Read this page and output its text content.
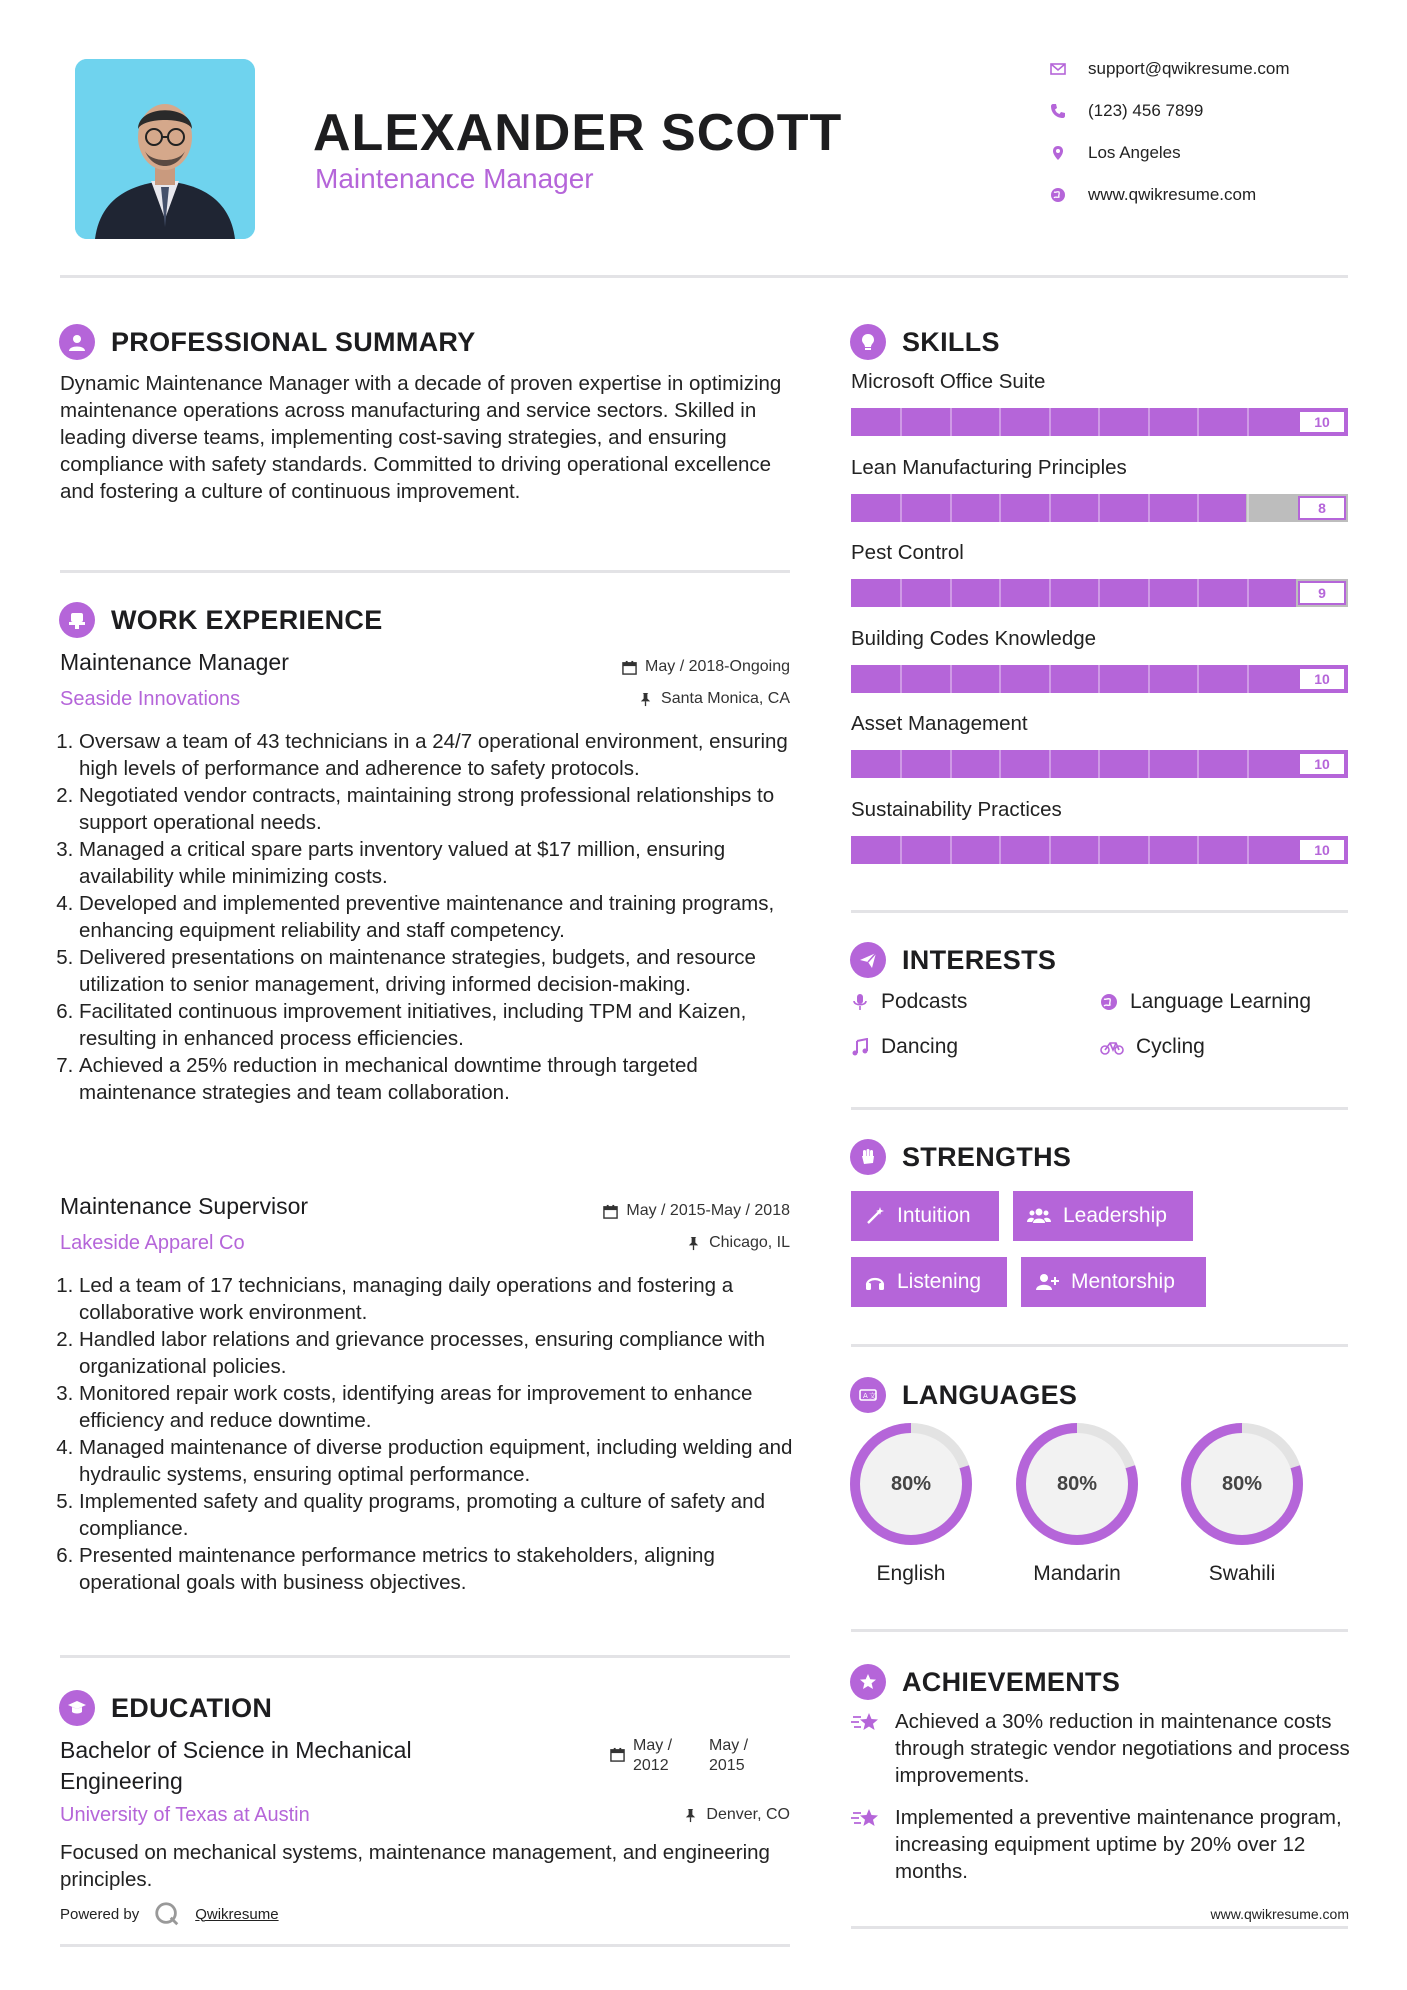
ALEXANDER SCOTT
Maintenance Manager
support@qwikresume.com
(123) 456 7899
Los Angeles
www.qwikresume.com
PROFESSIONAL SUMMARY
Dynamic Maintenance Manager with a decade of proven expertise in optimizing maintenance operations across manufacturing and service sectors. Skilled in leading diverse teams, implementing cost-saving strategies, and ensuring compliance with safety standards. Committed to driving operational excellence and fostering a culture of continuous improvement.
WORK EXPERIENCE
Maintenance Manager
Seaside Innovations
May / 2018-Ongoing
Santa Monica, CA
1. Oversaw a team of 43 technicians in a 24/7 operational environment, ensuring high levels of performance and adherence to safety protocols.
2. Negotiated vendor contracts, maintaining strong professional relationships to support operational needs.
3. Managed a critical spare parts inventory valued at $17 million, ensuring availability while minimizing costs.
4. Developed and implemented preventive maintenance and training programs, enhancing equipment reliability and staff competency.
5. Delivered presentations on maintenance strategies, budgets, and resource utilization to senior management, driving informed decision-making.
6. Facilitated continuous improvement initiatives, including TPM and Kaizen, resulting in enhanced process efficiencies.
7. Achieved a 25% reduction in mechanical downtime through targeted maintenance strategies and team collaboration.
Maintenance Supervisor
Lakeside Apparel Co
May / 2015-May / 2018
Chicago, IL
1. Led a team of 17 technicians, managing daily operations and fostering a collaborative work environment.
2. Handled labor relations and grievance processes, ensuring compliance with organizational policies.
3. Monitored repair work costs, identifying areas for improvement to enhance efficiency and reduce downtime.
4. Managed maintenance of diverse production equipment, including welding and hydraulic systems, ensuring optimal performance.
5. Implemented safety and quality programs, promoting a culture of safety and compliance.
6. Presented maintenance performance metrics to stakeholders, aligning operational goals with business objectives.
EDUCATION
Bachelor of Science in Mechanical Engineering
May / 2012
May / 2015
University of Texas at Austin	Denver, CO
Focused on mechanical systems, maintenance management, and engineering principles.
Powered by	Qwikresume
SKILLS
Microsoft Office Suite
10
Lean Manufacturing Principles
8
Pest Control
9
Building Codes Knowledge
10
Asset Management
10
Sustainability Practices
10
INTERESTS
Podcasts	Language Learning
Dancing	Cycling
STRENGTHS
Intuition	Leadership
Listening	Mentorship
A 文 LANGUAGES
80%
English
80%
Mandarin
80%
Swahili
ACHIEVEMENTS
Achieved a 30% reduction in maintenance costs through strategic vendor negotiations and process improvements.
Implemented a preventive maintenance program, increasing equipment uptime by 20% over 12 months.
www.qwikresume.com
